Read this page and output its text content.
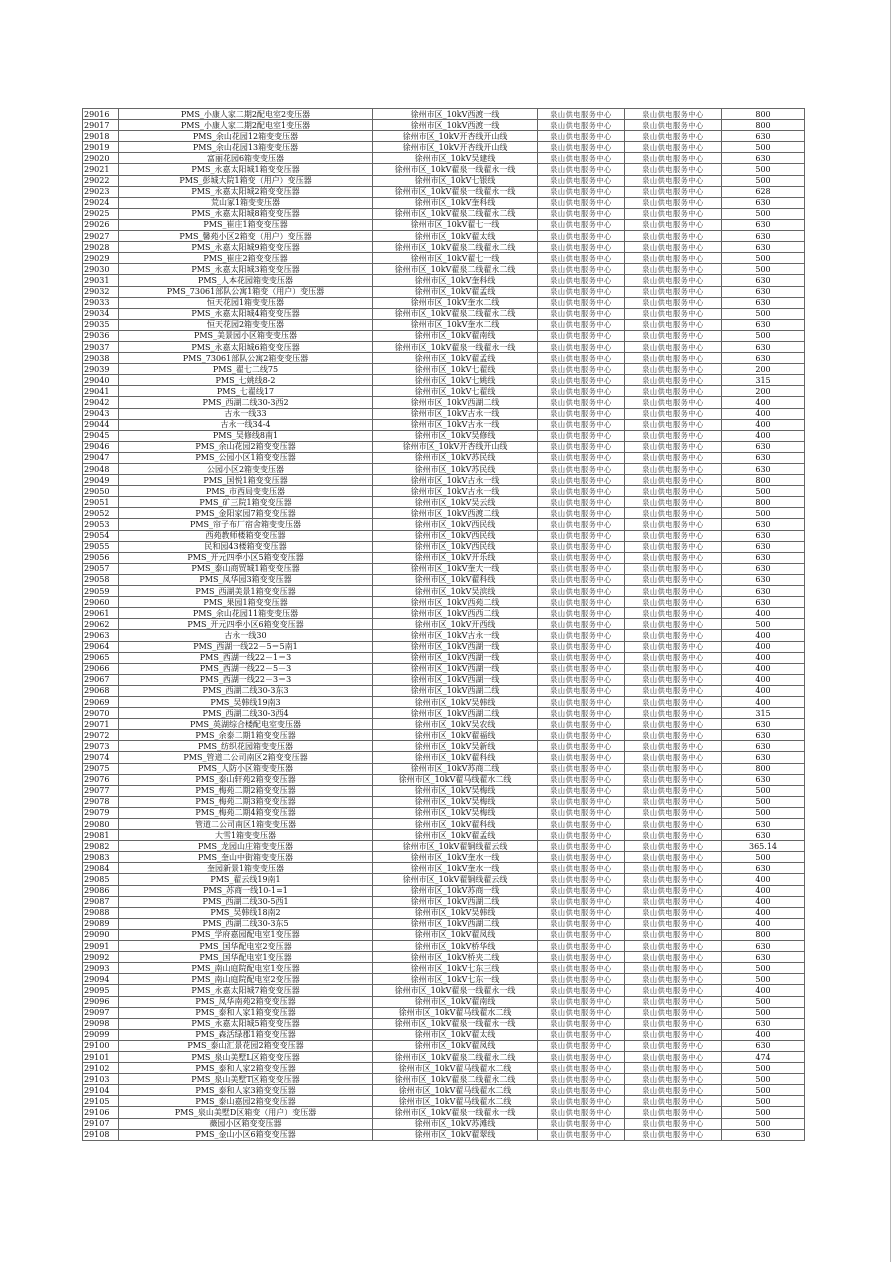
29016	PMS_小康人家二期2配电室2变压器	徐州市区_10kV西渡一线	泉山供电服务中心	泉山供电服务中心	800
29017	PMS_小康人家二期2配电室1变压器	徐州市区_10kV西渡一线	泉山供电服务中心	泉山供电服务中心	800
29018	PMS_余山花园12箱变变压器	徐州市区_10kV开杏线开山线	泉山供电服务中心	泉山供电服务中心	630
29019	PMS_余山花园13箱变变压器	徐州市区_10kV开杏线开山线	泉山供电服务中心	泉山供电服务中心	500
29020	富丽花园6箱变变压器	徐州市区_10kV吴建线	泉山供电服务中心	泉山供电服务中心	630
29021	PMS_永嘉太阳城1箱变变压器	徐州市区_10kV翟泉一线翟永一线	泉山供电服务中心	泉山供电服务中心	500
29022	PMS_彭城大院1箱变（用户）变压器	徐州市区_10kV七银线	泉山供电服务中心	泉山供电服务中心	500
29023	PMS_永嘉太阳城2箱变变压器	徐州市区_10kV翟泉一线翟永一线	泉山供电服务中心	泉山供电服务中心	628
29024	荒山冢1箱变变压器	徐州市区_10kV奎科线	泉山供电服务中心	泉山供电服务中心	630
29025	PMS_永嘉太阳城8箱变变压器	徐州市区_10kV翟泉二线翟永二线	泉山供电服务中心	泉山供电服务中心	500
29026	PMS_崔庄1箱变变压器	徐州市区_10kV翟七一线	泉山供电服务中心	泉山供电服务中心	630
29027	PMS_馨苑小区2箱变（用户）变压器	徐州市区_10kV翟太线	泉山供电服务中心	泉山供电服务中心	630
29028	PMS_永嘉太阳城9箱变变压器	徐州市区_10kV翟泉二线翟永二线	泉山供电服务中心	泉山供电服务中心	630
29029	PMS_崔庄2箱变变压器	徐州市区_10kV翟七一线	泉山供电服务中心	泉山供电服务中心	500
29030	PMS_永嘉太阳城3箱变变压器	徐州市区_10kV翟泉二线翟永二线	泉山供电服务中心	泉山供电服务中心	500
29031	PMS_人本花园箱变变压器	徐州市区_10kV奎科线	泉山供电服务中心	泉山供电服务中心	630
29032	PMS_73061部队公寓1箱变（用户）变压器	徐州市区_10kV翟孟线	泉山供电服务中心	泉山供电服务中心	630
29033	恒天花园1箱变变压器	徐州市区_10kV奎水二线	泉山供电服务中心	泉山供电服务中心	630
29034	PMS_永嘉太阳城4箱变变压器	徐州市区_10kV翟泉二线翟永二线	泉山供电服务中心	泉山供电服务中心	500
29035	恒天花园2箱变变压器	徐州市区_10kV奎水二线	泉山供电服务中心	泉山供电服务中心	630
29036	PMS_美景园小区箱变变压器	徐州市区_10kV翟南线	泉山供电服务中心	泉山供电服务中心	500
29037	PMS_永嘉太阳城6箱变变压器	徐州市区_10kV翟泉一线翟永一线	泉山供电服务中心	泉山供电服务中心	630
29038	PMS_73061部队公寓2箱变变压器	徐州市区_10kV翟孟线	泉山供电服务中心	泉山供电服务中心	630
29039	PMS_翟七二线75	徐州市区_10kV七翟线	泉山供电服务中心	泉山供电服务中心	200
29040	PMS_七姚线8-2	徐州市区_10kV七姚线	泉山供电服务中心	泉山供电服务中心	315
29041	PMS_七翟线17	徐州市区_10kV七翟线	泉山供电服务中心	泉山供电服务中心	200
29042	PMS_西湖二线30-3西2	徐州市区_10kV西湖二线	泉山供电服务中心	泉山供电服务中心	400
29043	古永一线33	徐州市区_10kV古永一线	泉山供电服务中心	泉山供电服务中心	400
29044	古永一线34-4	徐州市区_10kV古永一线	泉山供电服务中心	泉山供电服务中心	400
29045	PMS_吴修线8南1	徐州市区_10kV吴修线	泉山供电服务中心	泉山供电服务中心	400
29046	PMS_余山花园2箱变变压器	徐州市区_10kV开杏线开山线	泉山供电服务中心	泉山供电服务中心	630
29047	PMS_公园小区1箱变变压器	徐州市区_10kV苏民线	泉山供电服务中心	泉山供电服务中心	630
29048	公园小区2箱变变压器	徐州市区_10kV苏民线	泉山供电服务中心	泉山供电服务中心	630
29049	PMS_国悦1箱变变压器	徐州市区_10kV古永一线	泉山供电服务中心	泉山供电服务中心	800
29050	PMS_市西局变变压器	徐州市区_10kV古永一线	泉山供电服务中心	泉山供电服务中心	500
29051	PMS_矿三院1箱变变压器	徐州市区_10kV吴云线	泉山供电服务中心	泉山供电服务中心	800
29052	PMS_金阳家园7箱变变压器	徐州市区_10kV西渡二线	泉山供电服务中心	泉山供电服务中心	500
29053	PMS_帘子布厂宿舍箱变变压器	徐州市区_10kV西民线	泉山供电服务中心	泉山供电服务中心	630
29054	西苑教师楼箱变变压器	徐州市区_10kV西民线	泉山供电服务中心	泉山供电服务中心	630
29055	民和园43楼箱变变压器	徐州市区_10kV西民线	泉山供电服务中心	泉山供电服务中心	630
29056	PMS_开元四季小区5箱变变压器	徐州市区_10kV开乐线	泉山供电服务中心	泉山供电服务中心	630
29057	PMS_泰山商贸城1箱变变压器	徐州市区_10kV奎大一线	泉山供电服务中心	泉山供电服务中心	630
29058	PMS_凤华园3箱变变压器	徐州市区_10kV翟科线	泉山供电服务中心	泉山供电服务中心	630
29059	PMS_西湖美景1箱变变压器	徐州市区_10kV吴滨线	泉山供电服务中心	泉山供电服务中心	630
29060	PMS_果园1箱变变压器	徐州市区_10kV西苑二线	泉山供电服务中心	泉山供电服务中心	630
29061	PMS_余山花园11箱变变压器	徐州市区_10kV西西二线	泉山供电服务中心	泉山供电服务中心	400
29062	PMS_开元四季小区6箱变变压器	徐州市区_10kV开西线	泉山供电服务中心	泉山供电服务中心	500
29063	古永一线30	徐州市区_10kV古永一线	泉山供电服务中心	泉山供电服务中心	400
29064	PMS_西湖一线22－5＝5南1	徐州市区_10kV西湖一线	泉山供电服务中心	泉山供电服务中心	400
29065	PMS_西湖一线22－1＝3	徐州市区_10kV西湖一线	泉山供电服务中心	泉山供电服务中心	400
29066	PMS_西湖一线22－5－3	徐州市区_10kV西湖一线	泉山供电服务中心	泉山供电服务中心	400
29067	PMS_西湖一线22－3＝3	徐州市区_10kV西湖一线	泉山供电服务中心	泉山供电服务中心	400
29068	PMS_西湖二线30-3东3	徐州市区_10kV西湖二线	泉山供电服务中心	泉山供电服务中心	400
29069	PMS_吴韩线19南3	徐州市区_10kV吴韩线	泉山供电服务中心	泉山供电服务中心	400
29070	PMS_西湖二线30-3西4	徐州市区_10kV西湖二线	泉山供电服务中心	泉山供电服务中心	315
29071	PMS_英湖综合楼配电室变压器	徐州市区_10kV吴农线	泉山供电服务中心	泉山供电服务中心	630
29072	PMS_余泰二期1箱变变压器	徐州市区_10kV翟福线	泉山供电服务中心	泉山供电服务中心	630
29073	PMS_纺织花园箱变变压器	徐州市区_10kV吴新线	泉山供电服务中心	泉山供电服务中心	630
29074	PMS_管道二公司南区2箱变变压器	徐州市区_10kV翟科线	泉山供电服务中心	泉山供电服务中心	630
29075	PMS_人防小区箱变变压器	徐州市区_10kV苏商二线	泉山供电服务中心	泉山供电服务中心	800
29076	PMS_泰山轩苑2箱变变压器	徐州市区_10kV翟马线翟水二线	泉山供电服务中心	泉山供电服务中心	630
29077	PMS_梅苑二期2箱变变压器	徐州市区_10kV吴梅线	泉山供电服务中心	泉山供电服务中心	500
29078	PMS_梅苑二期3箱变变压器	徐州市区_10kV吴梅线	泉山供电服务中心	泉山供电服务中心	500
29079	PMS_梅苑二期4箱变变压器	徐州市区_10kV吴梅线	泉山供电服务中心	泉山供电服务中心	500
29080	管道二公司南区1箱变变压器	徐州市区_10kV翟科线	泉山供电服务中心	泉山供电服务中心	630
29081	大雪1箱变变压器	徐州市区_10kV翟孟线	泉山供电服务中心	泉山供电服务中心	630
29082	PMS_龙园山庄箱变变压器	徐州市区_10kV翟铜线翟云线	泉山供电服务中心	泉山供电服务中心	365.14
29083	PMS_奎山中街箱变变压器	徐州市区_10kV奎水一线	泉山供电服务中心	泉山供电服务中心	500
29084	奎园新景1箱变变压器	徐州市区_10kV奎水一线	泉山供电服务中心	泉山供电服务中心	630
29085	PMS_翟云线19南1	徐州市区_10kV翟铜线翟云线	泉山供电服务中心	泉山供电服务中心	400
29086	PMS_苏商一线10-1=1	徐州市区_10kV苏商一线	泉山供电服务中心	泉山供电服务中心	400
29087	PMS_西湖二线30-5西1	徐州市区_10kV西湖二线	泉山供电服务中心	泉山供电服务中心	400
29088	PMS_吴韩线18南2	徐州市区_10kV吴韩线	泉山供电服务中心	泉山供电服务中心	400
29089	PMS_西湖二线30-3东5	徐州市区_10kV西湖二线	泉山供电服务中心	泉山供电服务中心	400
29090	PMS_学府嘉园配电室1变压器	徐州市区_10kV翟凤线	泉山供电服务中心	泉山供电服务中心	800
29091	PMS_国华配电室2变压器	徐州市区_10kV桥华线	泉山供电服务中心	泉山供电服务中心	630
29092	PMS_国华配电室1变压器	徐州市区_10kV桥夹二线	泉山供电服务中心	泉山供电服务中心	630
29093	PMS_南山庭院配电室1变压器	徐州市区_10kV七东三线	泉山供电服务中心	泉山供电服务中心	500
29094	PMS_南山庭院配电室2变压器	徐州市区_10kV七东一线	泉山供电服务中心	泉山供电服务中心	500
29095	PMS_永嘉太阳城7箱变变压器	徐州市区_10kV翟泉一线翟永一线	泉山供电服务中心	泉山供电服务中心	400
29096	PMS_凤华南苑2箱变变压器	徐州市区_10kV翟南线	泉山供电服务中心	泉山供电服务中心	500
29097	PMS_泰和人家1箱变变压器	徐州市区_10kV翟马线翟水二线	泉山供电服务中心	泉山供电服务中心	500
29098	PMS_永嘉太阳城5箱变变压器	徐州市区_10kV翟泉一线翟永一线	泉山供电服务中心	泉山供电服务中心	630
29099	PMS_森活绿郡1箱变变压器	徐州市区_10kV翟太线	泉山供电服务中心	泉山供电服务中心	400
29100	PMS_泰山汇景花园2箱变变压器	徐州市区_10kV翟凤线	泉山供电服务中心	泉山供电服务中心	630
29101	PMS_泉山美墅L区箱变变压器	徐州市区_10kV翟泉二线翟永二线	泉山供电服务中心	泉山供电服务中心	474
29102	PMS_泰和人家2箱变变压器	徐州市区_10kV翟马线翟水二线	泉山供电服务中心	泉山供电服务中心	500
29103	PMS_泉山美墅T区箱变变压器	徐州市区_10kV翟泉二线翟永二线	泉山供电服务中心	泉山供电服务中心	500
29104	PMS_泰和人家3箱变变压器	徐州市区_10kV翟马线翟水二线	泉山供电服务中心	泉山供电服务中心	500
29105	PMS_泰山嘉园2箱变变压器	徐州市区_10kV翟马线翟水二线	泉山供电服务中心	泉山供电服务中心	500
29106	PMS_泉山美墅D区箱变（用户）变压器	徐州市区_10kV翟泉一线翟永一线	泉山供电服务中心	泉山供电服务中心	500
29107	薇园小区箱变变压器	徐州市区_10kV苏滩线	泉山供电服务中心	泉山供电服务中心	500
29108	PMS_金山小区6箱变变压器	徐州市区_10kV翟翠线	泉山供电服务中心	泉山供电服务中心	630
